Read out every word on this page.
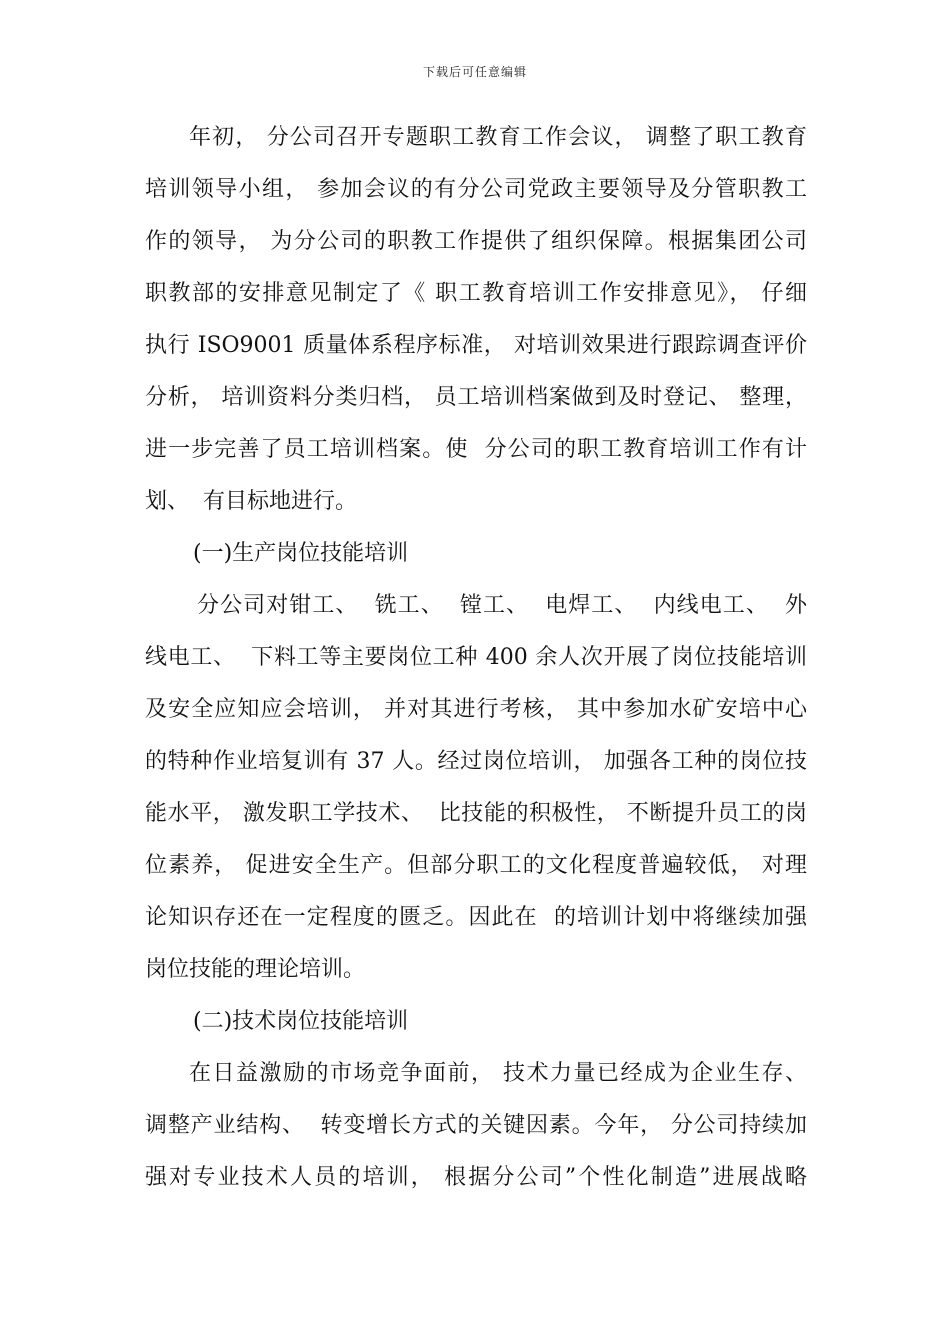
下载后可任意编辑
年初， 分公司召开专题职工教育工作会议， 调整了职工教育
培训领导小组， 参加会议的有分公司党政主要领导及分管职教工
作的领导， 为分公司的职教工作提供了组织保障。根据集团公司
职教部的安排意见制定了《 职工教育培训工作安排意见》， 仔细
执行 ISO9001 质量体系程序标准， 对培训效果进行跟踪调查评价
分析， 培训资料分类归档， 员工培训档案做到及时登记、 整理，
进一步完善了员工培训档案。使  分公司的职工教育培训工作有计
划、  有目标地进行。
(一)生产岗位技能培训
分公司对钳工、  铣工、  镗工、  电焊工、  内线电工、  外
线电工、  下料工等主要岗位工种 400 余人次开展了岗位技能培训
及安全应知应会培训， 并对其进行考核， 其中参加水矿安培中心
的特种作业培复训有 37 人。经过岗位培训， 加强各工种的岗位技
能水平， 激发职工学技术、  比技能的积极性， 不断提升员工的岗
位素养， 促进安全生产。但部分职工的文化程度普遍较低， 对理
论知识存还在一定程度的匮乏。因此在  的培训计划中将继续加强
岗位技能的理论培训。
(二)技术岗位技能培训
在日益激励的市场竞争面前， 技术力量已经成为企业生存、
调整产业结构、  转变增长方式的关键因素。今年， 分公司持续加
强对专业技术人员的培训， 根据分公司”个性化制造”进展战略
